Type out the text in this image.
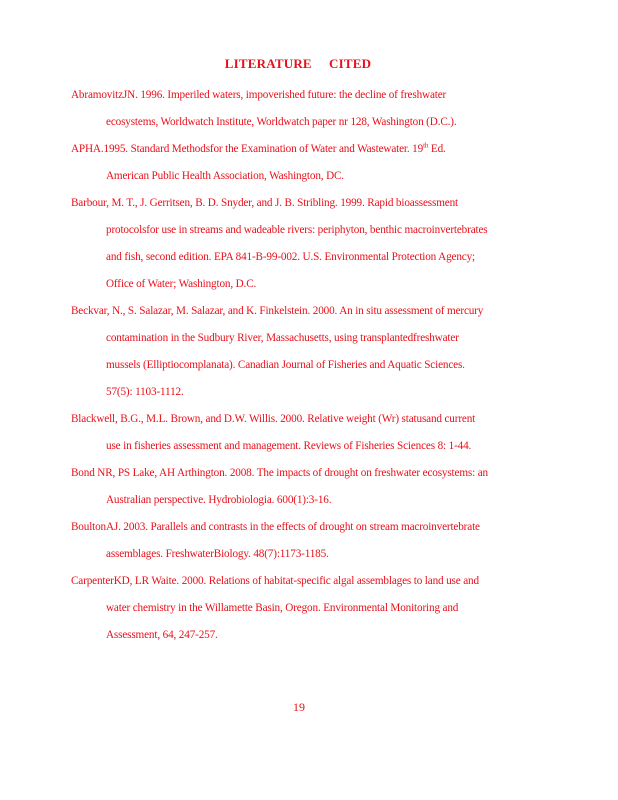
LITERATURE     CITED
AbramovitzJN. 1996. Imperiled waters, impoverished future: the decline of freshwater
ecosystems, Worldwatch Institute, Worldwatch paper nr 128, Washington (D.C.).
APHA.1995. Standard Methodsfor the Examination of Water and Wastewater. 19th Ed.
American Public Health Association, Washington, DC.
Barbour, M. T., J. Gerritsen, B. D. Snyder, and J. B. Stribling. 1999. Rapid bioassessment
protocolsfor use in streams and wadeable rivers: periphyton, benthic macroinvertebrates
and fish, second edition. EPA 841-B-99-002. U.S. Environmental Protection Agency;
Office of Water; Washington, D.C.
Beckvar, N., S. Salazar, M. Salazar, and K. Finkelstein. 2000. An in situ assessment of mercury
contamination in the Sudbury River, Massachusetts, using transplantedfreshwater
mussels (Elliptiocomplanata). Canadian Journal of Fisheries and Aquatic Sciences.
57(5): 1103-1112.
Blackwell, B.G., M.L. Brown, and D.W. Willis. 2000. Relative weight (Wr) statusand current
use in fisheries assessment and management. Reviews of Fisheries Sciences 8: 1-44.
Bond NR, PS Lake, AH Arthington. 2008. The impacts of drought on freshwater ecosystems: an
Australian perspective. Hydrobiologia. 600(1):3-16.
BoultonAJ. 2003. Parallels and contrasts in the effects of drought on stream macroinvertebrate
assemblages. FreshwaterBiology. 48(7):1173-1185.
CarpenterKD, LR Waite. 2000. Relations of habitat-specific algal assemblages to land use and
water chemistry in the Willamette Basin, Oregon. Environmental Monitoring and
Assessment, 64, 247-257.
19
